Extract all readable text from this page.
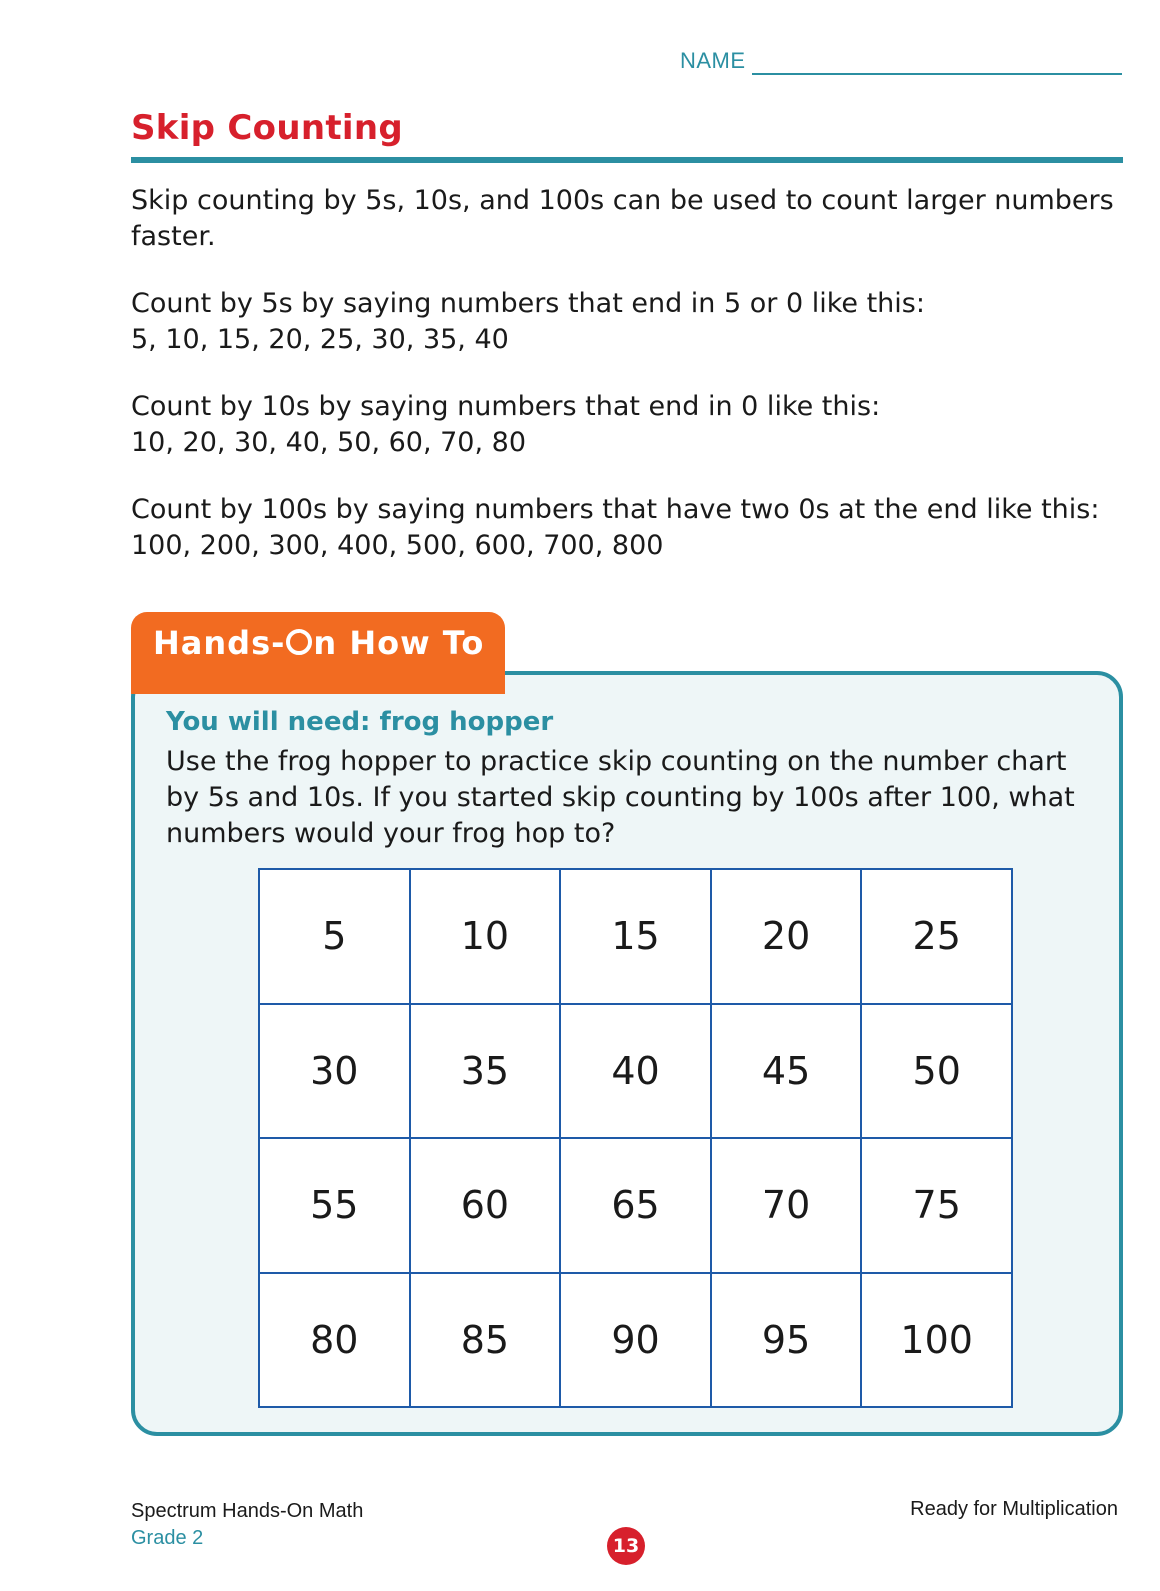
NAME
Skip Counting

Skip counting by 5s, 10s, and 100s can be used to count larger numbers faster.

Count by 5s by saying numbers that end in 5 or 0 like this:
5, 10, 15, 20, 25, 30, 35, 40

Count by 10s by saying numbers that end in 0 like this:
10, 20, 30, 40, 50, 60, 70, 80

Count by 100s by saying numbers that have two 0s at the end like this:
100, 200, 300, 400, 500, 600, 700, 800

Hands- n How To
You will need: frog hopper
Use the frog hopper to practice skip counting on the number chart by 5s and 10s. If you started skip counting by 100s after 100, what numbers would your frog hop to?
5	10	15	20	25
30	35	40	45	50
55	60	65	70	75
80	85	90	95	100
Spectrum Hands-On Math
Grade 2
Ready for Multiplication
13
